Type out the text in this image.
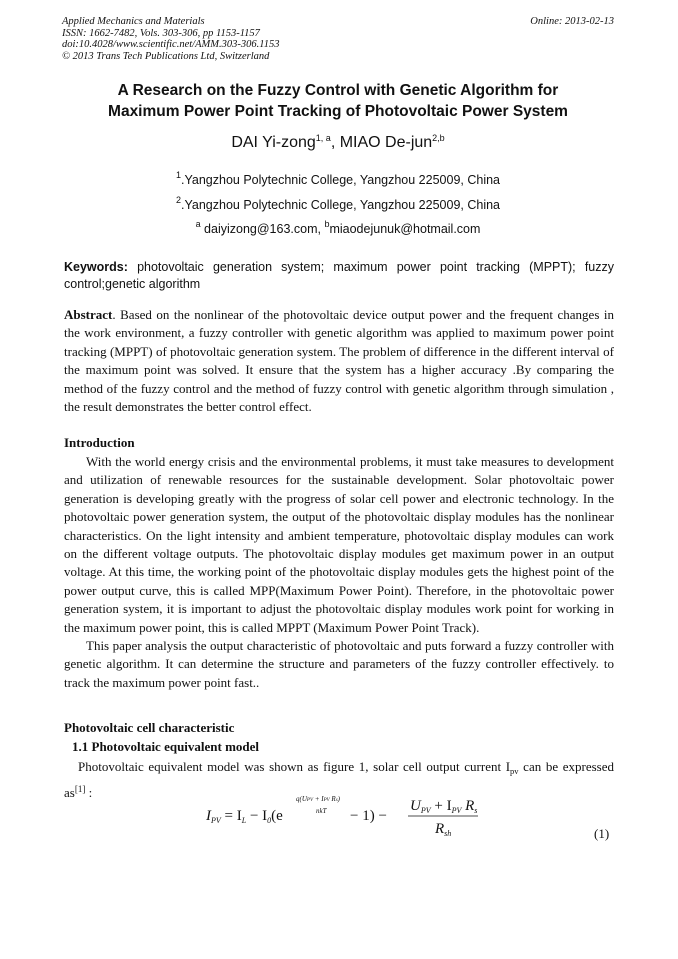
Applied Mechanics and Materials
ISSN: 1662-7482, Vols. 303-306, pp 1153-1157
doi:10.4028/www.scientific.net/AMM.303-306.1153
© 2013 Trans Tech Publications Ltd, Switzerland
Online: 2013-02-13
A Research on the Fuzzy Control with Genetic Algorithm for
Maximum Power Point Tracking of Photovoltaic Power System
DAI Yi-zong$^{1, a}$, MIAO De-jun$^{2,b}$
$^1$.Yangzhou Polytechnic College, Yangzhou 225009, China
$^2$.Yangzhou Polytechnic College, Yangzhou 225009, China
$^a$ daiyizong@163.com, $^b$miaodejunuk@hotmail.com
Keywords: photovoltaic generation system; maximum power point tracking (MPPT); fuzzy control;genetic algorithm
Abstract. Based on the nonlinear of the photovoltaic device output power and the frequent changes in the work environment, a fuzzy controller with genetic algorithm was applied to maximum power point tracking (MPPT) of photovoltaic generation system. The problem of difference in the different interval of the maximum point was solved. It ensure that the system has a higher accuracy .By comparing the method of the fuzzy control and the method of fuzzy control with genetic algorithm through simulation , the result demonstrates the better control effect.
Introduction

With the world energy crisis and the environmental problems, it must take measures to development and utilization of renewable resources for the sustainable development. Solar photovoltaic power generation is developing greatly with the progress of solar cell power and electronic technology. In the photovoltaic power generation system, the output of the photovoltaic display modules has the nonlinear characteristics. On the light intensity and ambient temperature, photovoltaic display modules can work on the different voltage outputs. The photovoltaic display modules get maximum power in an output voltage. At this time, the working point of the photovoltaic display modules gets the highest point of the power output curve, this is called MPP(Maximum Power Point). Therefore, in the photovoltaic power generation system, it is important to adjust the photovoltaic display modules work point for working in the maximum power point, this is called MPPT (Maximum Power Point Track).

This paper analysis the output characteristic of photovoltaic and puts forward a fuzzy controller with genetic algorithm. It can determine the structure and parameters of the fuzzy controller effectively. to track the maximum power point fast..

Photovoltaic cell characteristic
1.1 Photovoltaic equivalent model

Photovoltaic equivalent model was shown as figure 1, solar cell output current $I_{pv}$ can be expressed as[1] :

$I_{PV} = I_L - I_0(e$
q(UPV + IPV Rs)
nkT − 1) −
$U_{PV} + I_{PV}$ $R_s$
$R_{sh}$	(1)
